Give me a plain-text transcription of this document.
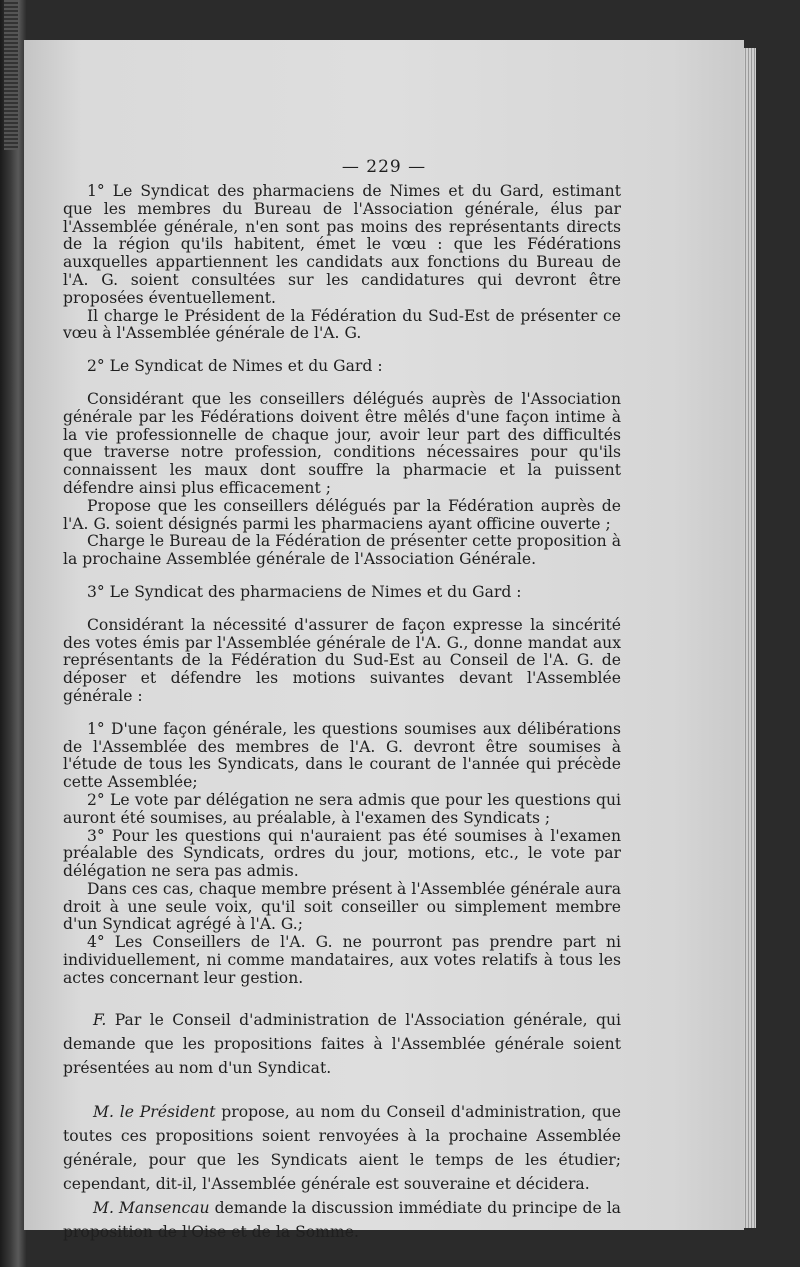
— 229 —

1° Le Syndicat des pharmaciens de Nimes et du Gard, estimant que les membres du Bureau de l'Association générale, élus par l'Assemblée générale, n'en sont pas moins des représentants directs de la région qu'ils habitent, émet le vœu : que les Fédérations auxquelles appartiennent les candidats aux fonctions du Bureau de l'A. G. soient consultées sur les candidatures qui devront être proposées éventuellement.

Il charge le Président de la Fédération du Sud-Est de présenter ce vœu à l'Assemblée générale de l'A. G.

2° Le Syndicat de Nimes et du Gard :

Considérant que les conseillers délégués auprès de l'Association générale par les Fédérations doivent être mêlés d'une façon intime à la vie professionnelle de chaque jour, avoir leur part des difficultés que traverse notre profession, conditions nécessaires pour qu'ils connaissent les maux dont souffre la pharmacie et la puissent défendre ainsi plus efficacement ;

Propose que les conseillers délégués par la Fédération auprès de l'A. G. soient désignés parmi les pharmaciens ayant officine ouverte ;

Charge le Bureau de la Fédération de présenter cette proposition à la prochaine Assemblée générale de l'Association Générale.

3° Le Syndicat des pharmaciens de Nimes et du Gard :

Considérant la nécessité d'assurer de façon expresse la sincérité des votes émis par l'Assemblée générale de l'A. G., donne mandat aux représentants de la Fédération du Sud-Est au Conseil de l'A. G. de déposer et défendre les motions suivantes devant l'Assemblée générale :

1° D'une façon générale, les questions soumises aux délibérations de l'Assemblée des membres de l'A. G. devront être soumises à l'étude de tous les Syndicats, dans le courant de l'année qui précède cette Assemblée;

2° Le vote par délégation ne sera admis que pour les questions qui auront été soumises, au préalable, à l'examen des Syndicats ;

3° Pour les questions qui n'auraient pas été soumises à l'examen préalable des Syndicats, ordres du jour, motions, etc., le vote par délégation ne sera pas admis.

Dans ces cas, chaque membre présent à l'Assemblée générale aura droit à une seule voix, qu'il soit conseiller ou simplement membre d'un Syndicat agrégé à l'A. G.;

4° Les Conseillers de l'A. G. ne pourront pas prendre part ni individuellement, ni comme mandataires, aux votes relatifs à tous les actes concernant leur gestion.

F. Par le Conseil d'administration de l'Association générale, qui demande que les propositions faites à l'Assemblée générale soient présentées au nom d'un Syndicat.

M. le Président propose, au nom du Conseil d'administration, que toutes ces propositions soient renvoyées à la prochaine Assemblée générale, pour que les Syndicats aient le temps de les étudier; cependant, dit-il, l'Assemblée générale est souveraine et décidera.

M. Mansencau demande la discussion immédiate du principe de la proposition de l'Oise et de la Somme.
